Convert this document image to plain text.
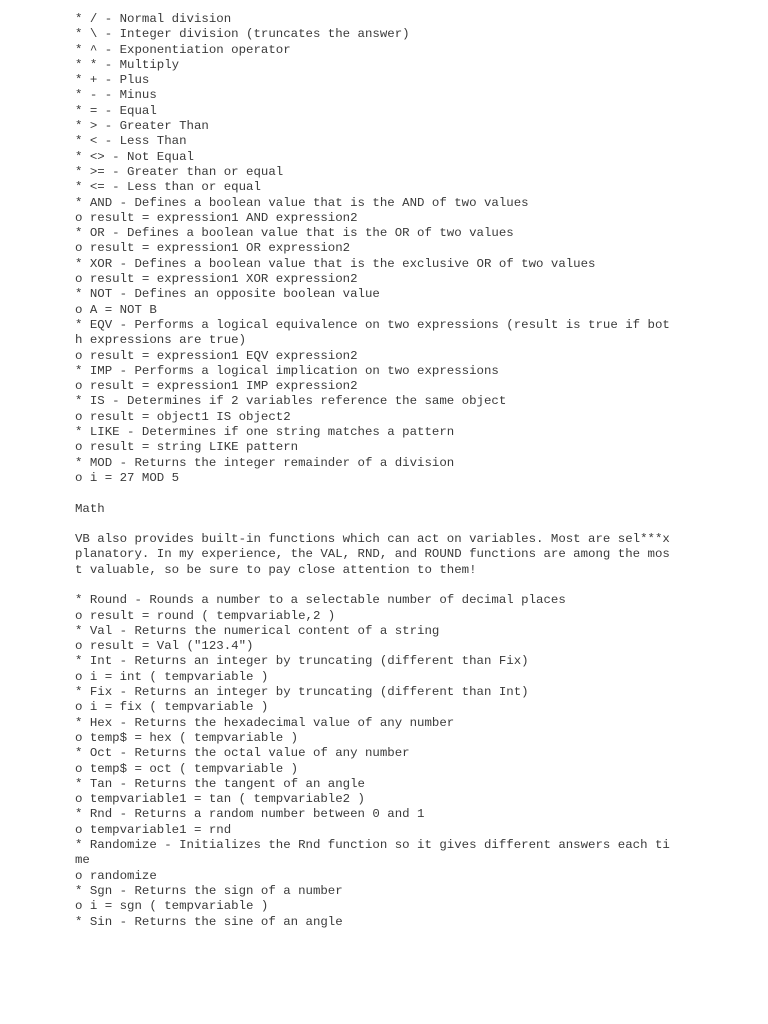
* / - Normal division
* \ - Integer division (truncates the answer)
* ^ - Exponentiation operator
* * - Multiply
* + - Plus
* - - Minus
* = - Equal
* > - Greater Than
* < - Less Than
* <> - Not Equal
* >= - Greater than or equal
* <= - Less than or equal
* AND - Defines a boolean value that is the AND of two values
o result = expression1 AND expression2
* OR - Defines a boolean value that is the OR of two values
o result = expression1 OR expression2
* XOR - Defines a boolean value that is the exclusive OR of two values
o result = expression1 XOR expression2
* NOT - Defines an opposite boolean value
o A = NOT B
* EQV - Performs a logical equivalence on two expressions (result is true if bot
h expressions are true)
o result = expression1 EQV expression2
* IMP - Performs a logical implication on two expressions
o result = expression1 IMP expression2
* IS - Determines if 2 variables reference the same object
o result = object1 IS object2
* LIKE - Determines if one string matches a pattern
o result = string LIKE pattern
* MOD - Returns the integer remainder of a division
o i = 27 MOD 5
Math
VB also provides built-in functions which can act on variables. Most are sel***x
planatory. In my experience, the VAL, RND, and ROUND functions are among the mos
t valuable, so be sure to pay close attention to them!
* Round - Rounds a number to a selectable number of decimal places
o result = round ( tempvariable,2 )
* Val - Returns the numerical content of a string
o result = Val ("123.4")
* Int - Returns an integer by truncating (different than Fix)
o i = int ( tempvariable )
* Fix - Returns an integer by truncating (different than Int)
o i = fix ( tempvariable )
* Hex - Returns the hexadecimal value of any number
o temp$ = hex ( tempvariable )
* Oct - Returns the octal value of any number
o temp$ = oct ( tempvariable )
* Tan - Returns the tangent of an angle
o tempvariable1 = tan ( tempvariable2 )
* Rnd - Returns a random number between 0 and 1
o tempvariable1 = rnd
* Randomize - Initializes the Rnd function so it gives different answers each ti
me
o randomize
* Sgn - Returns the sign of a number
o i = sgn ( tempvariable )
* Sin - Returns the sine of an angle
